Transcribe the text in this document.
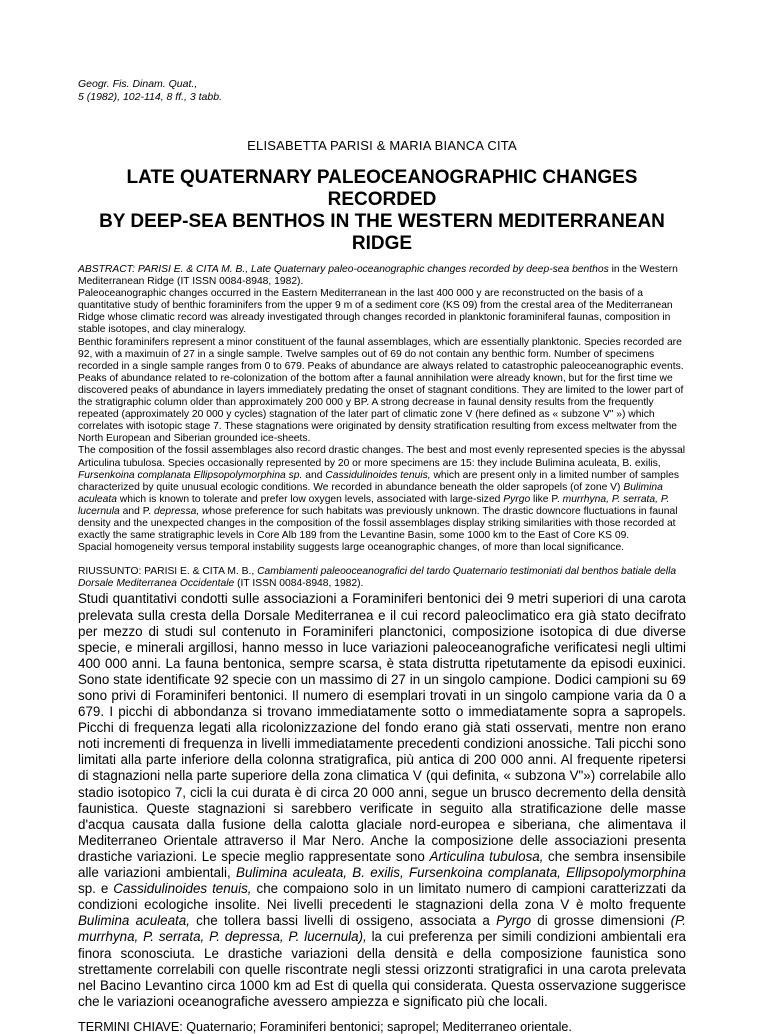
Geogr. Fis. Dinam. Quat.,
5 (1982), 102-114, 8 ff., 3 tabb.
ELISABETTA PARISI & MARIA BIANCA CITA
LATE QUATERNARY PALEOCEANOGRAPHIC CHANGES RECORDED
BY DEEP-SEA BENTHOS IN THE WESTERN MEDITERRANEAN RIDGE

ABSTRACT: PARISI E. & CITA M. B., Late Quaternary paleo-oceanographic changes recorded by deep-sea benthos in the Western Mediterranean Ridge (IT ISSN 0084-8948, 1982).

Paleoceanographic changes occurred in the Eastern Mediterranean in the last 400 000 y are reconstructed on the basis of a quantitative study of benthic foraminifers from the upper 9 m of a sediment core (KS 09) from the crestal area of the Mediterranean Ridge whose climatic record was already investigated through changes recorded in planktonic foraminiferal faunas, composition in stable isotopes, and clay mineralogy.

Benthic foraminifers represent a minor constituent of the faunal assemblages, which are essentially planktonic. Species recorded are 92, with a maximuin of 27 in a single sample. Twelve samples out of 69 do not contain any benthic form. Number of specimens recorded in a single sample ranges from 0 to 679. Peaks of abundance are always related to catastrophic paleoceanographic events. Peaks of abundance related to re-colonization of the bottom after a faunal annihilation were already known, but for the first time we discovered peaks of abundance in layers immediately predating the onset of stagnant conditions. They are limited to the lower part of the stratigraphic column older than approximately 200 000 y BP. A strong decrease in faunal density results from the frequently repeated (approximately 20 000 y cycles) stagnation of the later part of climatic zone V (here defined as « subzone V" ») which correlates with isotopic stage 7. These stagnations were originated by density stratification resulting from excess meltwater from the North European and Siberian grounded ice-sheets.

The composition of the fossil assemblages also record drastic changes. The best and most evenly represented species is the abyssal Articulina tubulosa. Species occasionally represented by 20 or more specimens are 15: they include Bulimina aculeata, B. exilis, Fursenkoina complanata Ellipsopolymorphina sp. and Cassidulinoides tenuis, which are present only in a limited number of samples characterized by quite unusual ecologic conditions. We recorded in abundance beneath the older sapropels (of zone V) Bulimina aculeata which is known to tolerate and prefer low oxygen levels, associated with large-sized Pyrgo like P. murrhyna, P. serrata, P. lucernula and P. depressa, whose preference for such habitats was previously unknown. The drastic downcore fluctuations in faunal density and the unexpected changes in the composition of the fossil assemblages display striking similarities with those recorded at exactly the same stratigraphic levels in Core Alb 189 from the Levantine Basin, some 1000 km to the East of Core KS 09.

Spacial homogeneity versus temporal instability suggests large oceanographic changes, of more than local significance.

RIUSSUNTO: PARISI E. & CITA M. B., Cambiamenti paleooceanografici del tardo Quaternario testimoniati dal benthos batiale della Dorsale Mediterranea Occidentale (IT ISSN 0084-8948, 1982).
Studi quantitativi condotti sulle associazioni a Foraminiferi bentonici dei 9 metri superiori di una carota prelevata sulla cresta della Dorsale Mediterranea e il cui record paleoclimatico era già stato decifrato per mezzo di studi sul contenuto in Foraminiferi planctonici, composizione isotopica di due diverse specie, e minerali argillosi, hanno messo in luce variazioni paleoceanografiche verificatesi negli ultimi 400 000 anni. La fauna bentonica, sempre scarsa, è stata distrutta ripetutamente da episodi euxinici. Sono state identificate 92 specie con un massimo di 27 in un singolo campione. Dodici campioni su 69 sono privi di Foraminiferi bentonici. Il numero di esemplari trovati in un singolo campione varia da 0 a 679. I picchi di abbondanza si trovano immediatamente sotto o immediatamente sopra a sapropels. Picchi di frequenza legati alla ricolonizzazione del fondo erano già stati osservati, mentre non erano noti incrementi di frequenza in livelli immediatamente precedenti condizioni anossiche. Tali picchi sono limitati alla parte inferiore della colonna stratigrafica, più antica di 200 000 anni. Al frequente ripetersi di stagnazioni nella parte superiore della zona climatica V (qui definita, « subzona V"») correlabile allo stadio isotopico 7, cicli la cui durata è di circa 20 000 anni, segue un brusco decremento della densità faunistica. Queste stagnazioni si sarebbero verificate in seguito alla stratificazione delle masse d'acqua causata dalla fusione della calotta glaciale nord-europea e siberiana, che alimentava il Mediterraneo Orientale attraverso il Mar Nero. Anche la composizione delle associazioni presenta drastiche variazioni. Le specie meglio rappresentate sono Articulina tubulosa, che sembra insensibile alle variazioni ambientali, Bulimina aculeata, B. exilis, Fursenkoina complanata, Ellipsopolymorphina sp. e Cassidulinoides tenuis, che compaiono solo in un limitato numero di campioni caratterizzati da condizioni ecologiche insolite. Nei livelli precedenti le stagnazioni della zona V è molto frequente Bulimina aculeata, che tollera bassi livelli di ossigeno, associata a Pyrgo di grosse dimensioni (P. murrhyna, P. serrata, P. depressa, P. lucernula), la cui preferenza per simili condizioni ambientali era finora sconosciuta. Le drastiche variazioni della densità e della composizione faunistica sono strettamente correlabili con quelle riscontrate negli stessi orizzonti stratigrafici in una carota prelevata nel Bacino Levantino circa 1000 km ad Est di quella qui considerata. Questa osservazione suggerisce che le variazioni oceanografiche avessero ampiezza e significato più che locali.
TERMINI CHIAVE: Quaternario; Foraminiferi bentonici; sapropel; Mediterraneo orientale.
